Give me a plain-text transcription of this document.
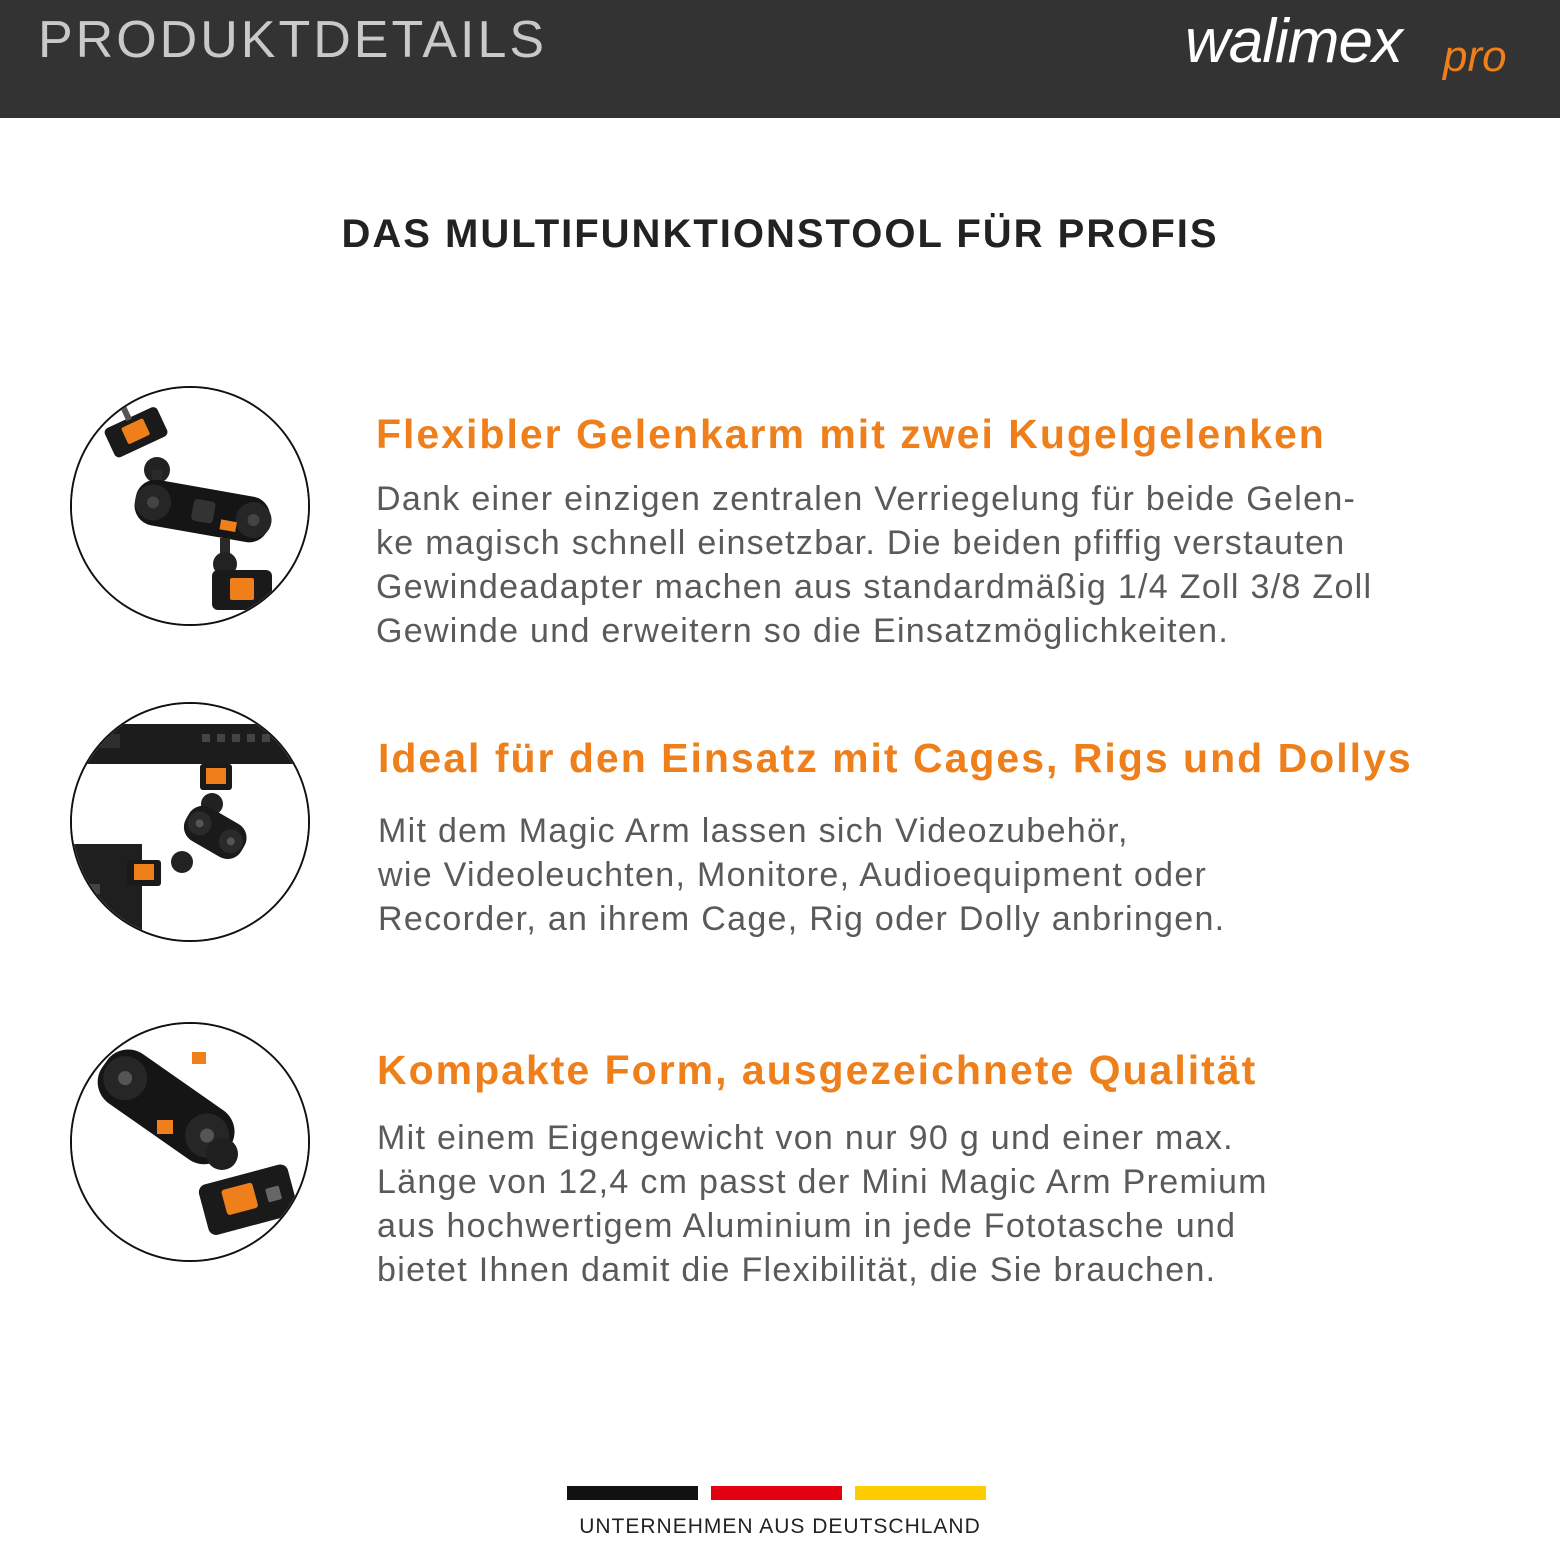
PRODUKTDETAILS	walimex pro
DAS MULTIFUNKTIONSTOOL FÜR PROFIS
Flexibler Gelenkarm mit zwei Kugelgelenken
Dank einer einzigen zentralen Verriegelung für beide Gelen-
ke magisch schnell einsetzbar. Die beiden pfiffig verstauten
Gewindeadapter machen aus standardmäßig 1/4 Zoll 3/8 Zoll
Gewinde und erweitern so die Einsatzmöglichkeiten.
Ideal für den Einsatz mit Cages, Rigs und Dollys
Mit dem Magic Arm lassen sich Videozubehör,
wie Videoleuchten, Monitore, Audioequipment oder
Recorder, an ihrem Cage, Rig oder Dolly anbringen.
Kompakte Form, ausgezeichnete Qualität
Mit einem Eigengewicht von nur 90 g und einer max.
Länge von 12,4 cm passt der Mini Magic Arm Premium
aus hochwertigem Aluminium in jede Fototasche und
bietet Ihnen damit die Flexibilität, die Sie brauchen.
UNTERNEHMEN AUS DEUTSCHLAND
